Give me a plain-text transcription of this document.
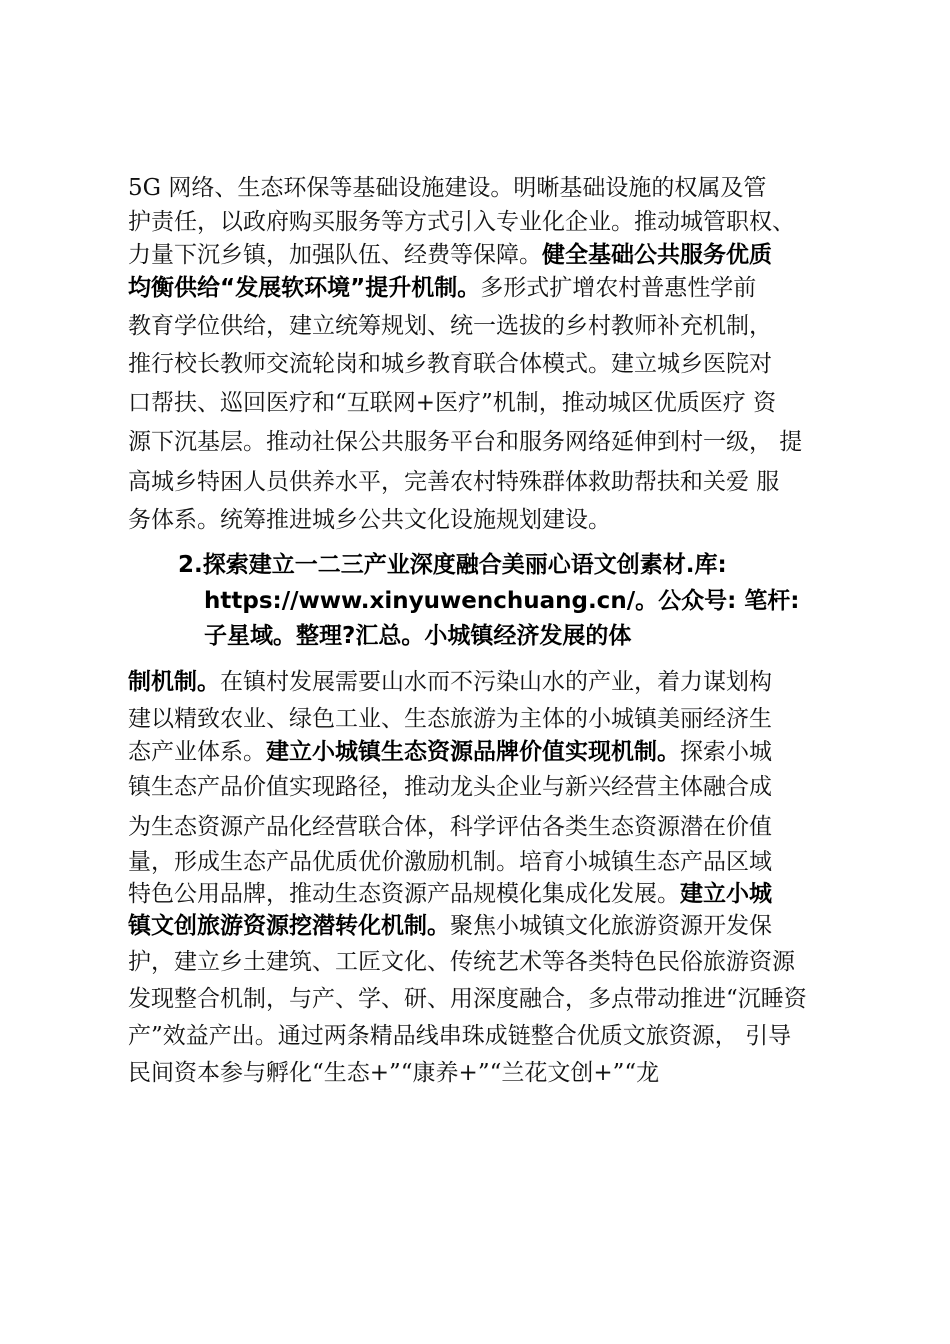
5G 网络、生态环保等基础设施建设。明晰基础设施的权属及管
护责任，以政府购买服务等方式引入专业化企业。推动城管职权、
力量下沉乡镇，加强队伍、经费等保障。健全基础公共服务优质
均衡供给“发展软环境”提升机制。多形式扩增农村普惠性学前
教育学位供给，建立统筹规划、统一选拔的乡村教师补充机制，
推行校长教师交流轮岗和城乡教育联合体模式。建立城乡医院对
口帮扶、巡回医疗和“互联网+医疗”机制，推动城区优质医疗 资
源下沉基层。推动社保公共服务平台和服务网络延伸到村一级， 提
高城乡特困人员供养水平，完善农村特殊群体救助帮扶和关爱 服
务体系。统筹推进城乡公共文化设施规划建设。
2.探索建立一二三产业深度融合美丽心语文创素材.库:
https://www.xinyuwenchuang.cn/。公众号: 笔杆:
子星域。整理?汇总。小城镇经济发展的体
制机制。在镇村发展需要山水而不污染山水的产业，着力谋划构
建以精致农业、绿色工业、生态旅游为主体的小城镇美丽经济生
态产业体系。建立小城镇生态资源品牌价值实现机制。探索小城
镇生态产品价值实现路径，推动龙头企业与新兴经营主体融合成
为生态资源产品化经营联合体，科学评估各类生态资源潜在价值
量，形成生态产品优质优价激励机制。培育小城镇生态产品区域
特色公用品牌，推动生态资源产品规模化集成化发展。建立小城
镇文创旅游资源挖潜转化机制。聚焦小城镇文化旅游资源开发保
护，建立乡土建筑、工匠文化、传统艺术等各类特色民俗旅游资源
发现整合机制，与产、学、研、用深度融合，多点带动推进“沉睡资
产”效益产出。通过两条精品线串珠成链整合优质文旅资源， 引导
民间资本参与孵化“生态+”“康养+”“兰花文创+”“龙
